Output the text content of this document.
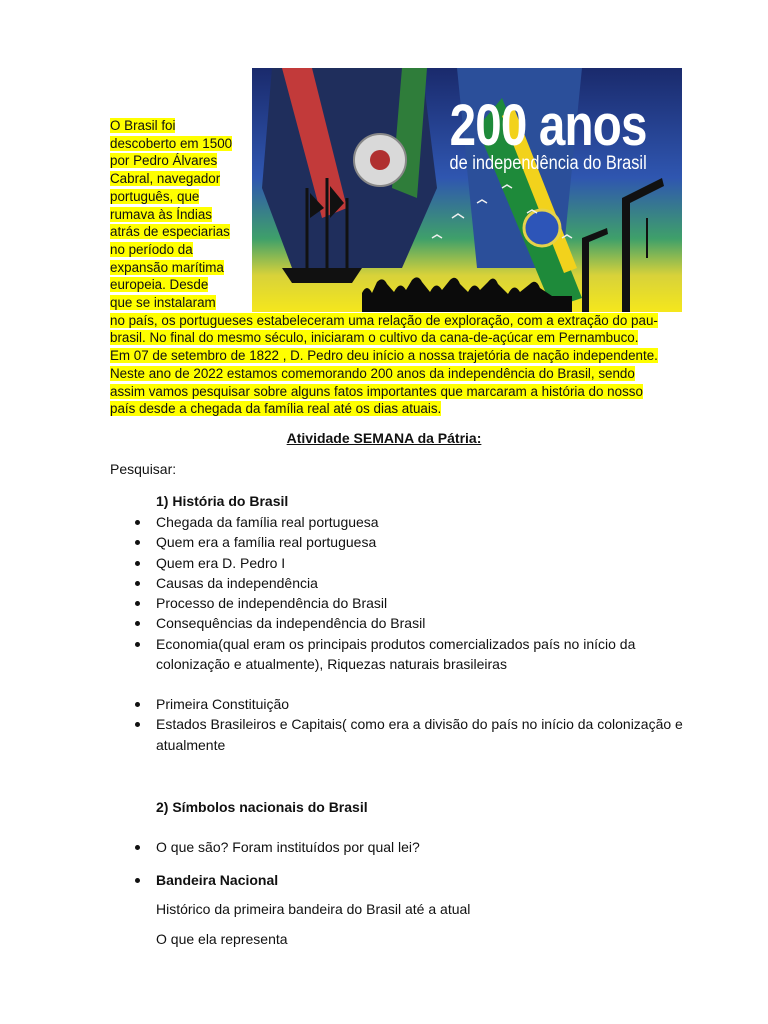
200 anos
de independência do Brasil
O Brasil foi
descoberto em 1500
por Pedro Álvares
Cabral, navegador
português, que
rumava às Índias
atrás de especiarias
no período da
expansão marítima
europeia. Desde
que se instalaram
no país, os portugueses estabeleceram uma relação de exploração, com a extração do pau-
brasil. No final do mesmo século, iniciaram o cultivo da cana-de-açúcar em Pernambuco.
Em 07 de setembro de 1822 , D. Pedro deu início a nossa trajetória de nação independente.
Neste ano de 2022 estamos comemorando 200 anos da independência do Brasil, sendo
assim vamos pesquisar sobre alguns fatos importantes que marcaram a história do nosso
país desde a chegada da família real até os dias atuais.
Atividade SEMANA da Pátria:
Pesquisar:
1) História do Brasil
Chegada da família real portuguesa
Quem era a família real portuguesa
Quem era D. Pedro I
Causas da independência
Processo de independência do Brasil
Consequências da independência do Brasil
Economia(qual eram os principais produtos comercializados país no início da colonização e atualmente), Riquezas naturais brasileiras
Primeira Constituição
Estados Brasileiros e Capitais( como era a divisão do país no início da colonização e atualmente
2) Símbolos nacionais do Brasil
O que são? Foram instituídos por qual lei?
Bandeira Nacional
Histórico da primeira bandeira do Brasil até a atual
O que ela representa
